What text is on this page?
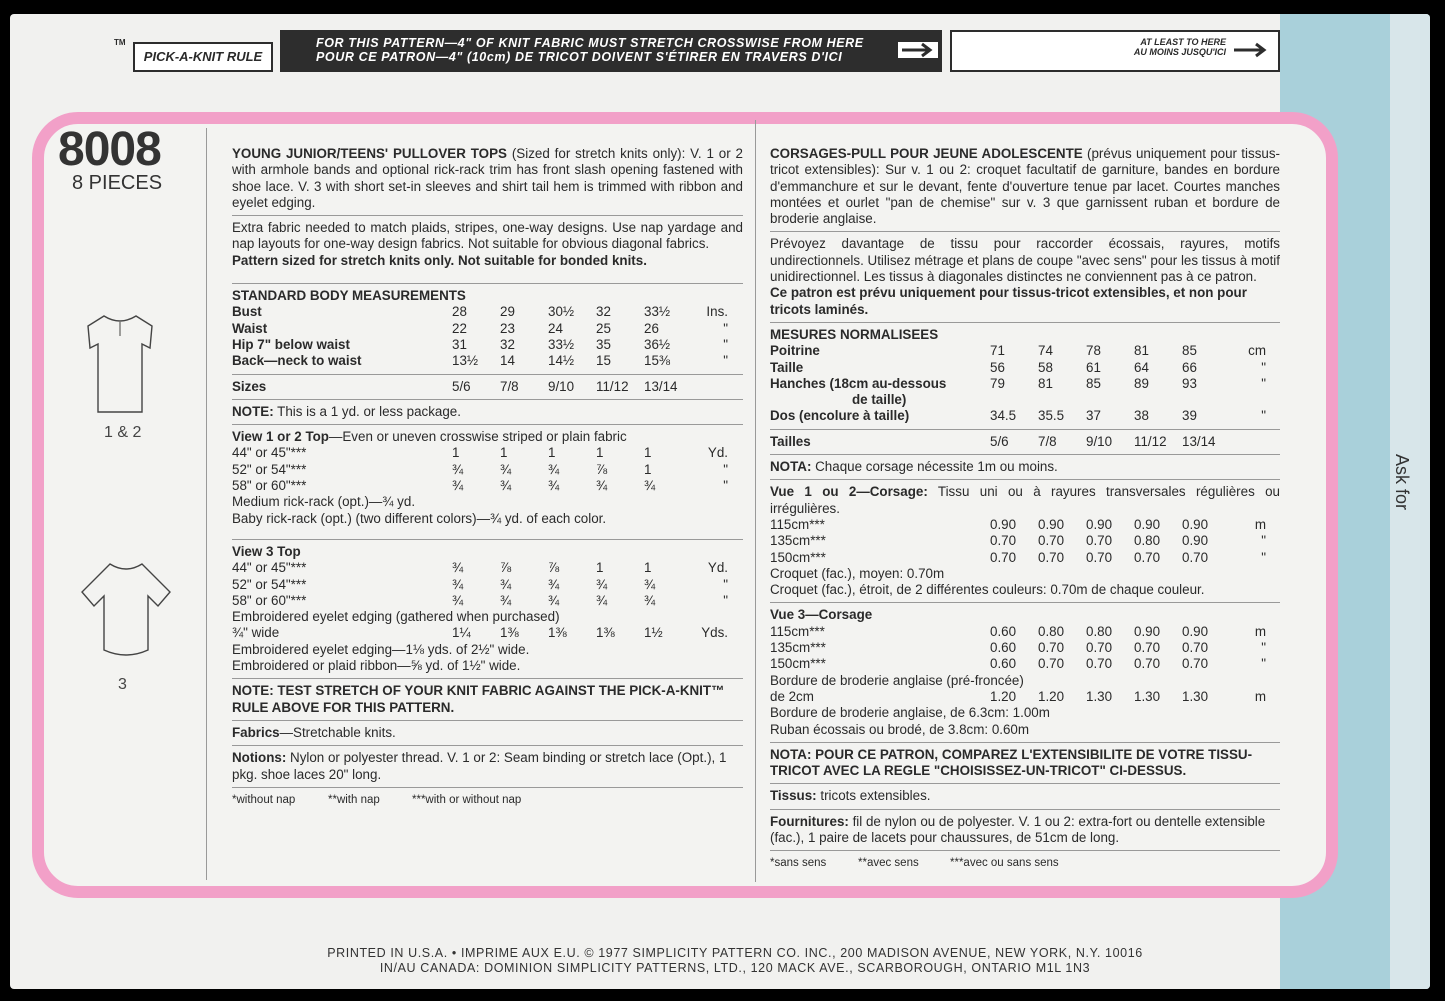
TM
PICK-A-KNIT RULE
FOR THIS PATTERN—4" OF KNIT FABRIC MUST STRETCH CROSSWISE FROM HERE
POUR CE PATRON—4" (10cm) DE TRICOT DOIVENT S'ÉTIRER EN TRAVERS D'ICI
AT LEAST TO HERE
AU MOINS JUSQU'ICI
Ask for
8008
8 PIECES
1 & 2
3
YOUNG JUNIOR/TEENS' PULLOVER TOPS (Sized for stretch knits only): V. 1 or 2 with armhole bands and optional rick-rack trim has front slash opening fastened with shoe lace. V. 3 with short set-in sleeves and shirt tail hem is trimmed with ribbon and eyelet edging.
Extra fabric needed to match plaids, stripes, one-way designs. Use nap yardage and nap layouts for one-way design fabrics. Not suitable for obvious diagonal fabrics.
Pattern sized for stretch knits only. Not suitable for bonded knits.
STANDARD BODY MEASUREMENTS
Bust	28	29	30½	32	33½	Ins.
Waist	22	23	24	25	26	"
Hip 7" below waist	31	32	33½	35	36½	"
Back—neck to waist	13½	14	14½	15	15⅜	"
Sizes	5/6	7/8	9/10	11/12	13/14
NOTE: This is a 1 yd. or less package.
View 1 or 2 Top—Even or uneven crosswise striped or plain fabric
44" or 45"***	1	1	1	1	1	Yd.
52" or 54"***	¾	¾	¾	⅞	1	"
58" or 60"***	¾	¾	¾	¾	¾	"
Medium rick-rack (opt.)—¾ yd.
Baby rick-rack (opt.) (two different colors)—¾ yd. of each color.
View 3 Top
44" or 45"***	¾	⅞	⅞	1	1	Yd.
52" or 54"***	¾	¾	¾	¾	¾	"
58" or 60"***	¾	¾	¾	¾	¾	"
Embroidered eyelet edging (gathered when purchased)
¾" wide	1¼	1⅜	1⅜	1⅜	1½	Yds.
Embroidered eyelet edging—1⅛ yds. of 2½" wide.
Embroidered or plaid ribbon—⅝ yd. of 1½" wide.
NOTE: TEST STRETCH OF YOUR KNIT FABRIC AGAINST THE PICK-A-KNIT™ RULE ABOVE FOR THIS PATTERN.
Fabrics—Stretchable knits.
Notions: Nylon or polyester thread. V. 1 or 2: Seam binding or stretch lace (Opt.), 1 pkg. shoe laces 20" long.
*without nap	**with nap	***with or without nap
CORSAGES-PULL POUR JEUNE ADOLESCENTE (prévus uniquement pour tissus-tricot extensibles): Sur v. 1 ou 2: croquet facultatif de garniture, bandes en bordure d'emmanchure et sur le devant, fente d'ouverture tenue par lacet. Courtes manches montées et ourlet "pan de chemise" sur v. 3 que garnissent ruban et bordure de broderie anglaise.
Prévoyez davantage de tissu pour raccorder écossais, rayures, motifs undirectionnels. Utilisez métrage et plans de coupe "avec sens" pour les tissus à motif unidirectionnel. Les tissus à diagonales distinctes ne conviennent pas à ce patron.
Ce patron est prévu uniquement pour tissus-tricot extensibles, et non pour tricots laminés.
MESURES NORMALISEES
Poitrine	71	74	78	81	85	cm
Taille	56	58	61	64	66	"
Hanches (18cm au-dessous	79	81	85	89	93	"
de taille)
Dos (encolure à taille)	34.5	35.5	37	38	39	"
Tailles	5/6	7/8	9/10	11/12	13/14
NOTA: Chaque corsage nécessite 1m ou moins.
Vue 1 ou 2—Corsage: Tissu uni ou à rayures transversales régulières ou irrégulières.
115cm***	0.90	0.90	0.90	0.90	0.90	m
135cm***	0.70	0.70	0.70	0.80	0.90	"
150cm***	0.70	0.70	0.70	0.70	0.70	"
Croquet (fac.), moyen: 0.70m
Croquet (fac.), étroit, de 2 différentes couleurs: 0.70m de chaque couleur.
Vue 3—Corsage
115cm***	0.60	0.80	0.80	0.90	0.90	m
135cm***	0.60	0.70	0.70	0.70	0.70	"
150cm***	0.60	0.70	0.70	0.70	0.70	"
Bordure de broderie anglaise (pré-froncée)
de 2cm	1.20	1.20	1.30	1.30	1.30	m
Bordure de broderie anglaise, de 6.3cm: 1.00m
Ruban écossais ou brodé, de 3.8cm: 0.60m
NOTA: POUR CE PATRON, COMPAREZ L'EXTENSIBILITE DE VOTRE TISSU-TRICOT AVEC LA REGLE "CHOISISSEZ-UN-TRICOT" CI-DESSUS.
Tissus: tricots extensibles.
Fournitures: fil de nylon ou de polyester. V. 1 ou 2: extra-fort ou dentelle extensible (fac.), 1 paire de lacets pour chaussures, de 51cm de long.
*sans sens	**avec sens	***avec ou sans sens
PRINTED IN U.S.A. • IMPRIME AUX E.U. © 1977 SIMPLICITY PATTERN CO. INC., 200 MADISON AVENUE, NEW YORK, N.Y. 10016
IN/AU CANADA: DOMINION SIMPLICITY PATTERNS, LTD., 120 MACK AVE., SCARBOROUGH, ONTARIO M1L 1N3
